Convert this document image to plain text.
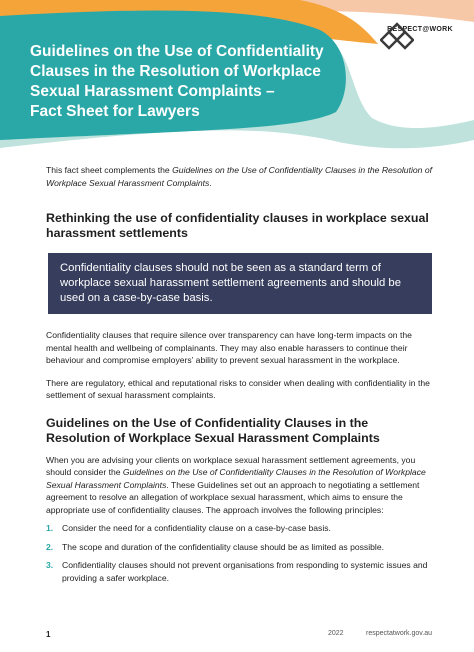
Guidelines on the Use of Confidentiality
Clauses in the Resolution of Workplace
Sexual Harassment Complaints –
Fact Sheet for Lawyers
RESPECT@WORK

This fact sheet complements the Guidelines on the Use of Confidentiality Clauses in the Resolution of Workplace Sexual Harassment Complaints.

Rethinking the use of confidentiality clauses in workplace sexual harassment settlements
Confidentiality clauses should not be seen as a standard term of workplace sexual harassment settlement agreements and should be used on a case-by-case basis.

Confidentiality clauses that require silence over transparency can have long-term impacts on the mental health and wellbeing of complainants. They may also enable harassers to continue their behaviour and compromise employers’ ability to prevent sexual harassment in the workplace.

There are regulatory, ethical and reputational risks to consider when dealing with confidentiality in the settlement of sexual harassment complaints.

Guidelines on the Use of Confidentiality Clauses in the Resolution of Workplace Sexual Harassment Complaints

When you are advising your clients on workplace sexual harassment settlement agreements, you should consider the Guidelines on the Use of Confidentiality Clauses in the Resolution of Workplace Sexual Harassment Complaints. These Guidelines set out an approach to negotiating a settlement agreement to resolve an allegation of workplace sexual harassment, which aims to ensure the appropriate use of confidentiality clauses. The approach involves the following principles:

1. Consider the need for a confidentiality clause on a case-by-case basis.
2. The scope and duration of the confidentiality clause should be as limited as possible.
3. Confidentiality clauses should not prevent organisations from responding to systemic issues and providing a safer workplace.
1	2022	respectatwork.gov.au
